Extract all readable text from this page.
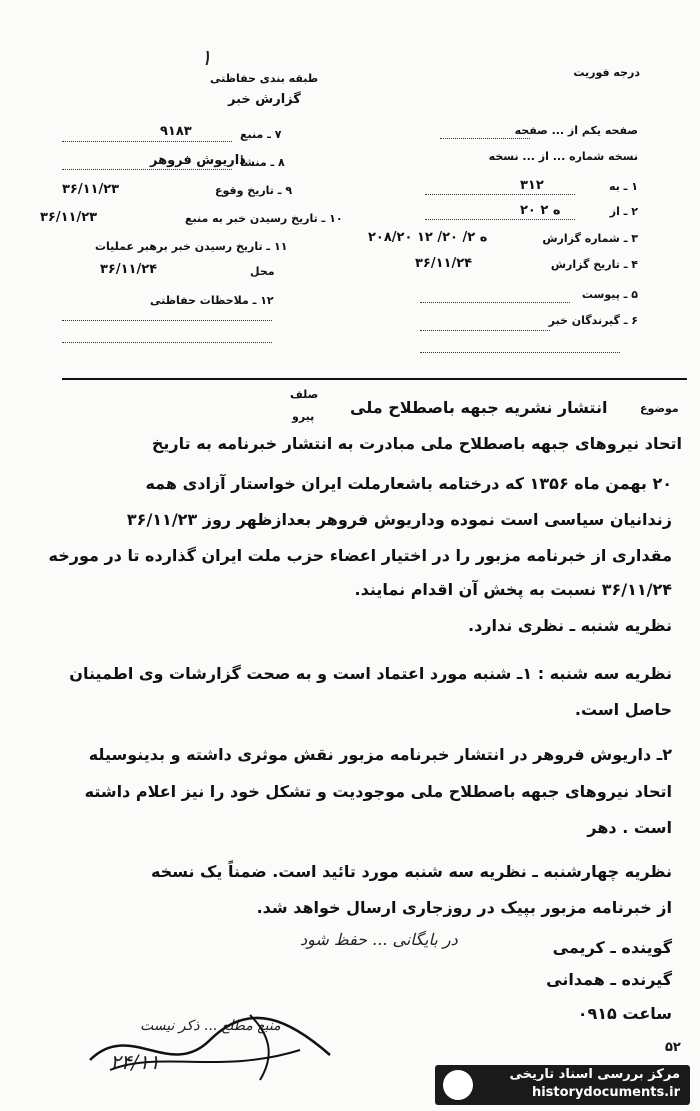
درجه فوریت
طبقه بندی حفاظتی
گزارش خبر
۱
صفحه یکم از ... صفحه
نسخه شماره ... از ... نسخه
۱ ـ به
۳۱۲
۲ ـ از
۲۰ ه ۲
۳ ـ شماره گزارش
۲۰۸/۲۰ ه ۲/ ۲۰/ ۱۲
۴ ـ تاریخ گزارش
۳۶/۱۱/۲۴
۵ ـ پیوست
۶ ـ گیرندگان خبر
۷ ـ منبع
۹۱۸۳
۸ ـ منشأ
داریوش فروهر
۹ ـ تاریخ وقوع
۳۶/۱۱/۲۳
۱۰ ـ تاریخ رسیدن خبر به منبع
۳۶/۱۱/۲۳
۱۱ ـ تاریخ رسیدن خبر برهبر عملیات
محل
۳۶/۱۱/۲۴
۱۲ ـ ملاحظات حفاظتی
موضوع
انتشار نشریه جبهه باصطلاح ملی
صلف
پیرو
اتحاد نیروهای جبهه باصطلاح ملی مبادرت به انتشار خبرنامه به تاریخ
۲۰ بهمن ماه ۱۳۵۶ که درختامه باشعارملت ایران خواستار آزادی همه
زندانیان سیاسی است نموده وداریوش فروهر بعدازظهر روز ۳۶/۱۱/۲۳
مقداری از خبرنامه مزبور را در اختیار اعضاء حزب ملت ایران گذارده تا در مورخه
۳۶/۱۱/۲۴ نسبت به پخش آن اقدام نمایند.
نظریه شنبه ـ نظری ندارد.
نظریه سه شنبه : ۱ـ شنبه مورد اعتماد است و به صحت گزارشات وی اطمینان
حاصل است.
۲ـ داریوش فروهر در انتشار خبرنامه مزبور نقش موثری داشته و بدینوسیله
اتحاد نیروهای جبهه باصطلاح ملی موجودیت و تشکل خود را نیز اعلام داشته
است . دهر
نظریه چهارشنبه ـ نظریه سه شنبه مورد تائید است. ضمناً یک نسخه
از خبرنامه مزبور بپیک در روزجاری ارسال خواهد شد.
گوینده ـ کریمی
گیرنده ـ همدانی
ساعت ۰۹۱۵
۵۲
در بایگانی ... حفظ شود
منبع مطلع ... ذکر نیست
۲۴/۱۱
مرکز بررسی اسناد تاریخی
historydocuments.ir
